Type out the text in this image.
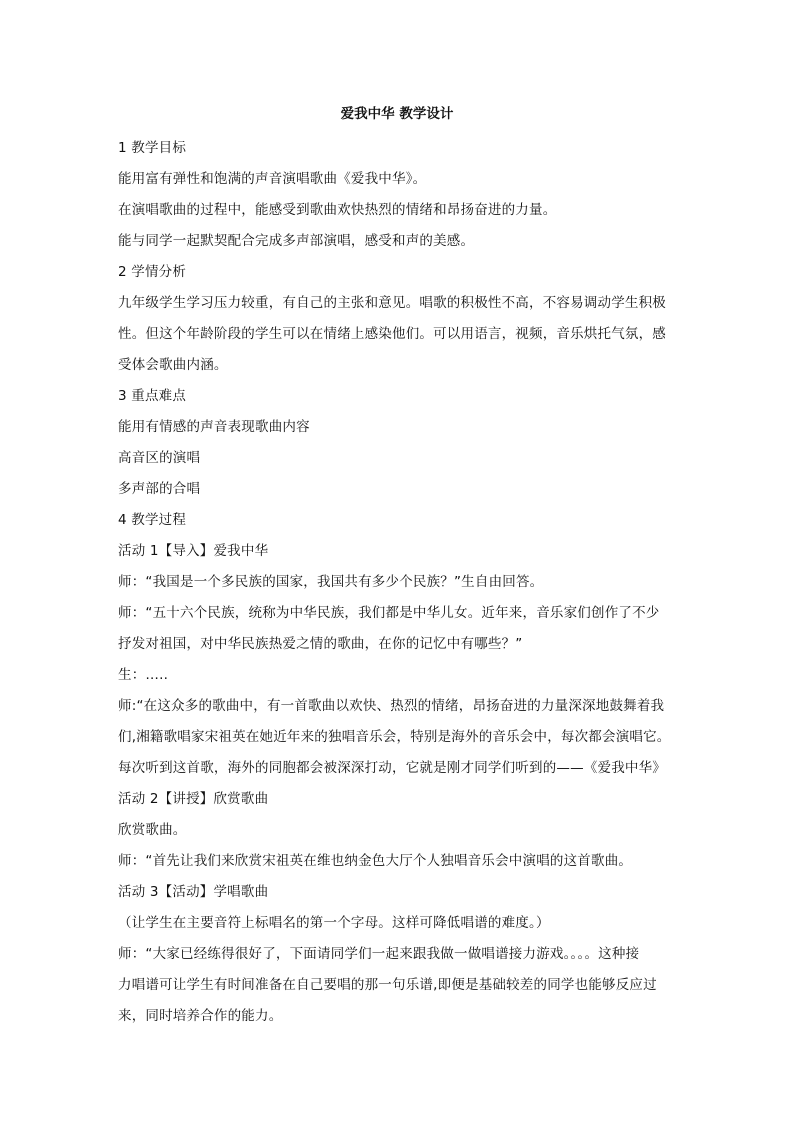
爱我中华 教学设计
1 教学目标
能用富有弹性和饱满的声音演唱歌曲《爱我中华》。
在演唱歌曲的过程中，能感受到歌曲欢快热烈的情绪和昂扬奋进的力量。
能与同学一起默契配合完成多声部演唱，感受和声的美感。
2 学情分析
九年级学生学习压力较重，有自己的主张和意见。唱歌的积极性不高，不容易调动学生积极
性。但这个年龄阶段的学生可以在情绪上感染他们。可以用语言，视频，音乐烘托气氛，感
受体会歌曲内涵。
3 重点难点
能用有情感的声音表现歌曲内容
高音区的演唱
多声部的合唱
4 教学过程
活动 1【导入】爱我中华
师：“我国是一个多民族的国家，我国共有多少个民族？”生自由回答。
师：“五十六个民族，统称为中华民族，我们都是中华儿女。近年来，音乐家们创作了不少
抒发对祖国，对中华民族热爱之情的歌曲，在你的记忆中有哪些？”
生：…..
师:“在这众多的歌曲中，有一首歌曲以欢快、热烈的情绪，昂扬奋进的力量深深地鼓舞着我
们,湘籍歌唱家宋祖英在她近年来的独唱音乐会，特别是海外的音乐会中，每次都会演唱它。
每次听到这首歌，海外的同胞都会被深深打动，它就是刚才同学们听到的——《爱我中华》
活动 2【讲授】欣赏歌曲
欣赏歌曲。
师：“首先让我们来欣赏宋祖英在维也纳金色大厅个人独唱音乐会中演唱的这首歌曲。
活动 3【活动】学唱歌曲
（让学生在主要音符上标唱名的第一个字母。这样可降低唱谱的难度。）
师：“大家已经练得很好了，下面请同学们一起来跟我做一做唱谱接力游戏。。。。这种接
力唱谱可让学生有时间准备在自己要唱的那一句乐谱,即便是基础较差的同学也能够反应过
来，同时培养合作的能力。
